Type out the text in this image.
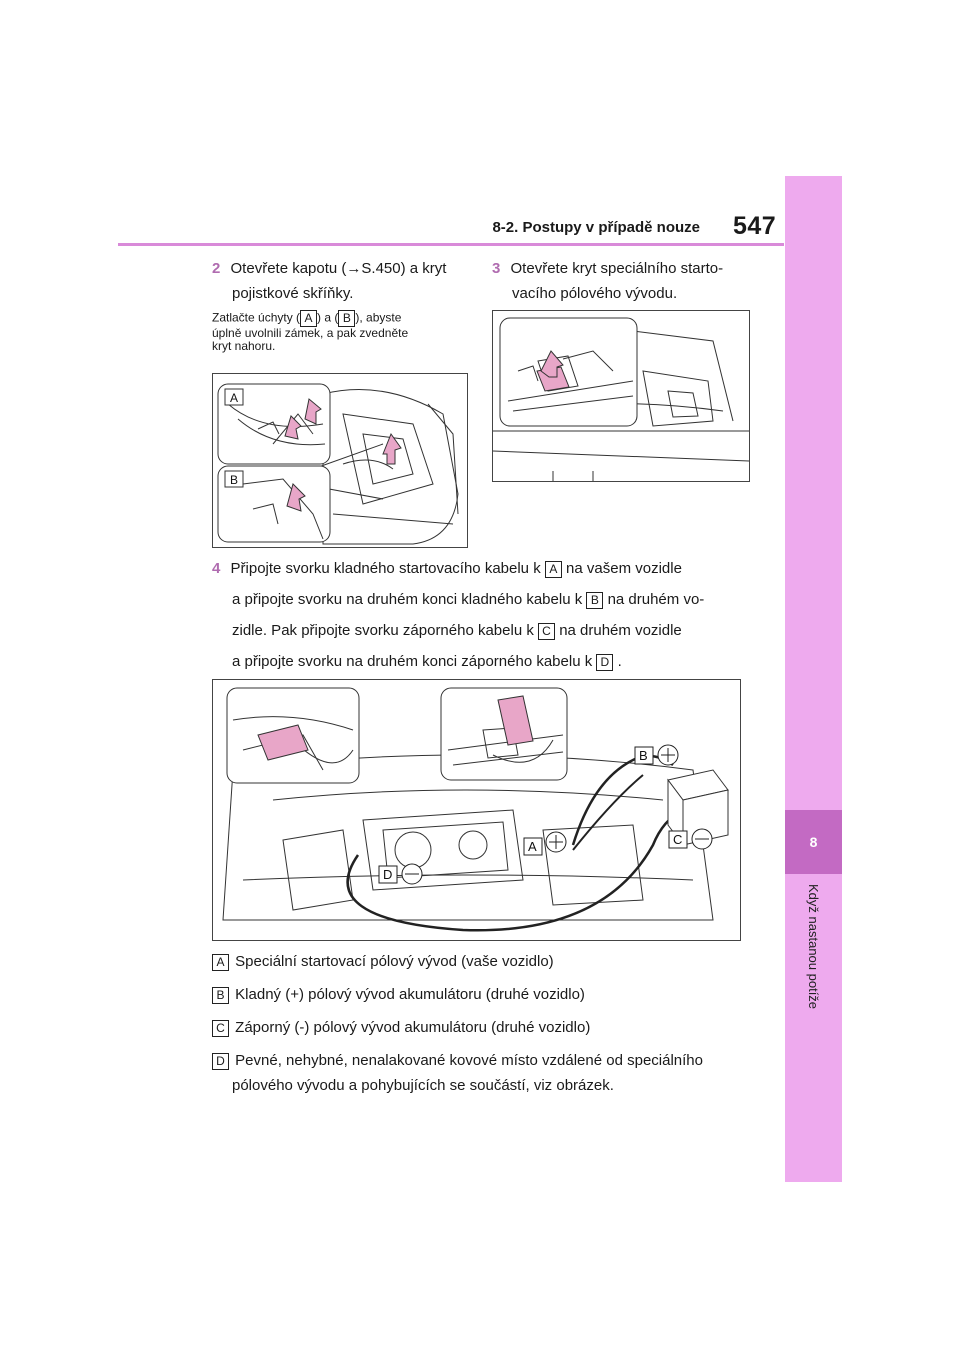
8-2. Postupy v případě nouze 547
8
Když nastanou potíže
2 Otevřete kapotu (→S.450) a kryt
pojistkové skříňky.
Zatlačte úchyty ( A ) a ( B ), abyste
úplně uvolnili zámek, a pak zvedněte
kryt nahoru.
A
B
3 Otevřete kryt speciálního starto-
vacího pólového vývodu.
4 Připojte svorku kladného startovacího kabelu k A na vašem vozidle
a připojte svorku na druhém konci kladného kabelu k B na druhém vo-
zidle. Pak připojte svorku záporného kabelu k C na druhém vozidle
a připojte svorku na druhém konci záporného kabelu k D .
B
C
A
D
A Speciální startovací pólový vývod (vaše vozidlo)
B Kladný (+) pólový vývod akumulátoru (druhé vozidlo)
C Záporný (-) pólový vývod akumulátoru (druhé vozidlo)
D Pevné, nehybné, nenalakované kovové místo vzdálené od speciálního
pólového vývodu a pohybujících se součástí, viz obrázek.
